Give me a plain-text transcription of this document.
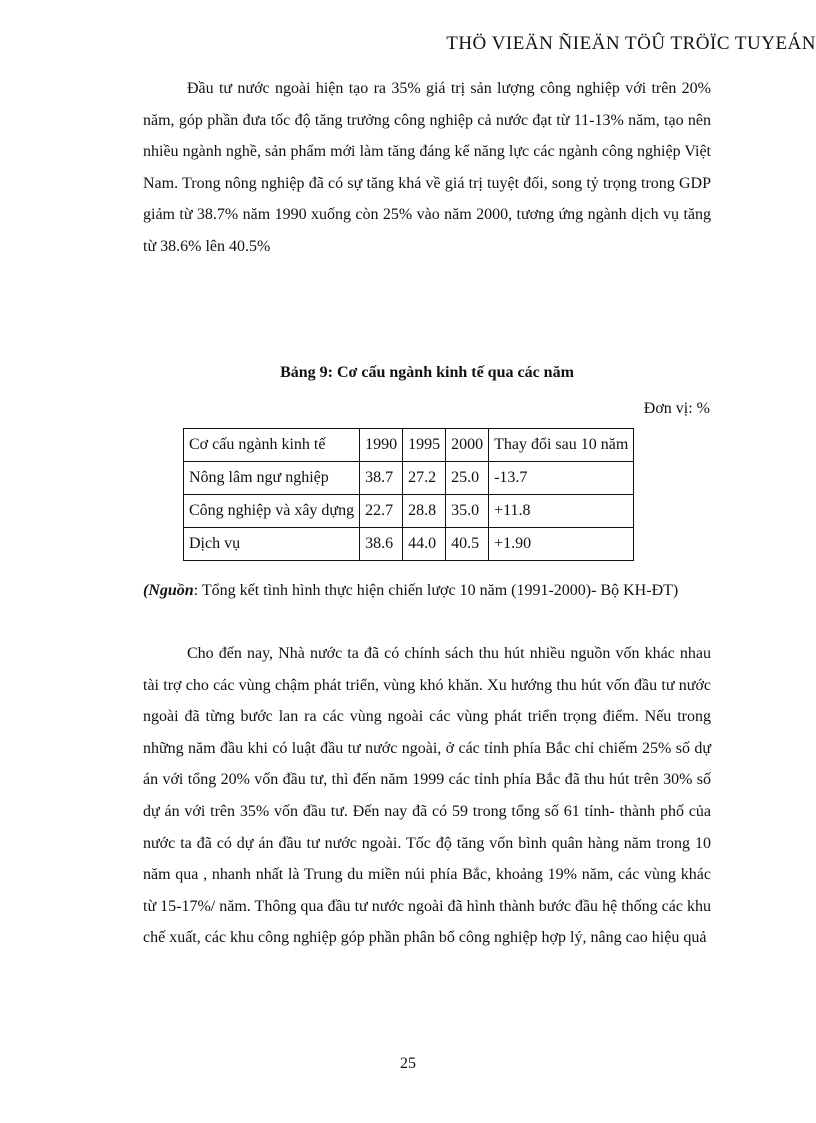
THÖ VIEÄN ÑIEÄN TÖÛ TRÖÏC TUYEÁN

Đầu tư nước ngoài hiện tạo ra 35% giá trị sản lượng công nghiệp với trên 20% năm, góp phần đưa tốc độ tăng trưởng công nghiệp cả nước đạt từ 11-13% năm, tạo nên nhiều ngành nghề, sản phẩm mới làm tăng đáng kể năng lực các ngành công nghiệp Việt Nam. Trong nông nghiệp đã có sự tăng khá về giá trị tuyệt đối, song tỷ trọng trong GDP giảm từ 38.7% năm 1990 xuống còn 25% vào năm 2000, tương ứng ngành dịch vụ tăng từ 38.6% lên 40.5%

Bảng 9: Cơ cấu ngành kinh tế qua các năm

Đơn vị: %

Cơ cấu ngành kinh tế	1990	1995	2000	Thay đổi sau 10 năm
Nông lâm ngư nghiệp	38.7	27.2	25.0	-13.7
Công nghiệp và xây dựng	22.7	28.8	35.0	+11.8
Dịch vụ	38.6	44.0	40.5	+1.90

(Nguồn: Tổng kết tình hình thực hiện chiến lược 10 năm (1991-2000)- Bộ KH-ĐT)

Cho đến nay, Nhà nước ta đã có chính sách thu hút nhiều nguồn vốn khác nhau tài trợ cho các vùng chậm phát triển, vùng khó khăn. Xu hướng thu hút vốn đầu tư nước ngoài đã từng bước lan ra các vùng ngoài các vùng phát triển trọng điểm. Nếu trong những năm đầu khi có luật đầu tư nước ngoài, ở các tỉnh phía Bắc chỉ chiếm 25% số dự án với tổng 20% vốn đầu tư, thì đến năm 1999 các tỉnh phía Bắc đã thu hút trên 30% số dự án với trên 35% vốn đầu tư. Đến nay đã có 59 trong tổng số 61 tỉnh- thành phố của nước ta đã có dự án đầu tư nước ngoài. Tốc độ tăng vốn bình quân hàng năm trong 10 năm qua , nhanh nhất là Trung du miền núi phía Bắc, khoảng 19% năm, các vùng khác từ 15-17%/ năm. Thông qua đầu tư nước ngoài đã hình thành bước đầu hệ thống các khu chế xuất, các khu công nghiệp góp phần phân bổ công nghiệp hợp lý, nâng cao hiệu quả

25
